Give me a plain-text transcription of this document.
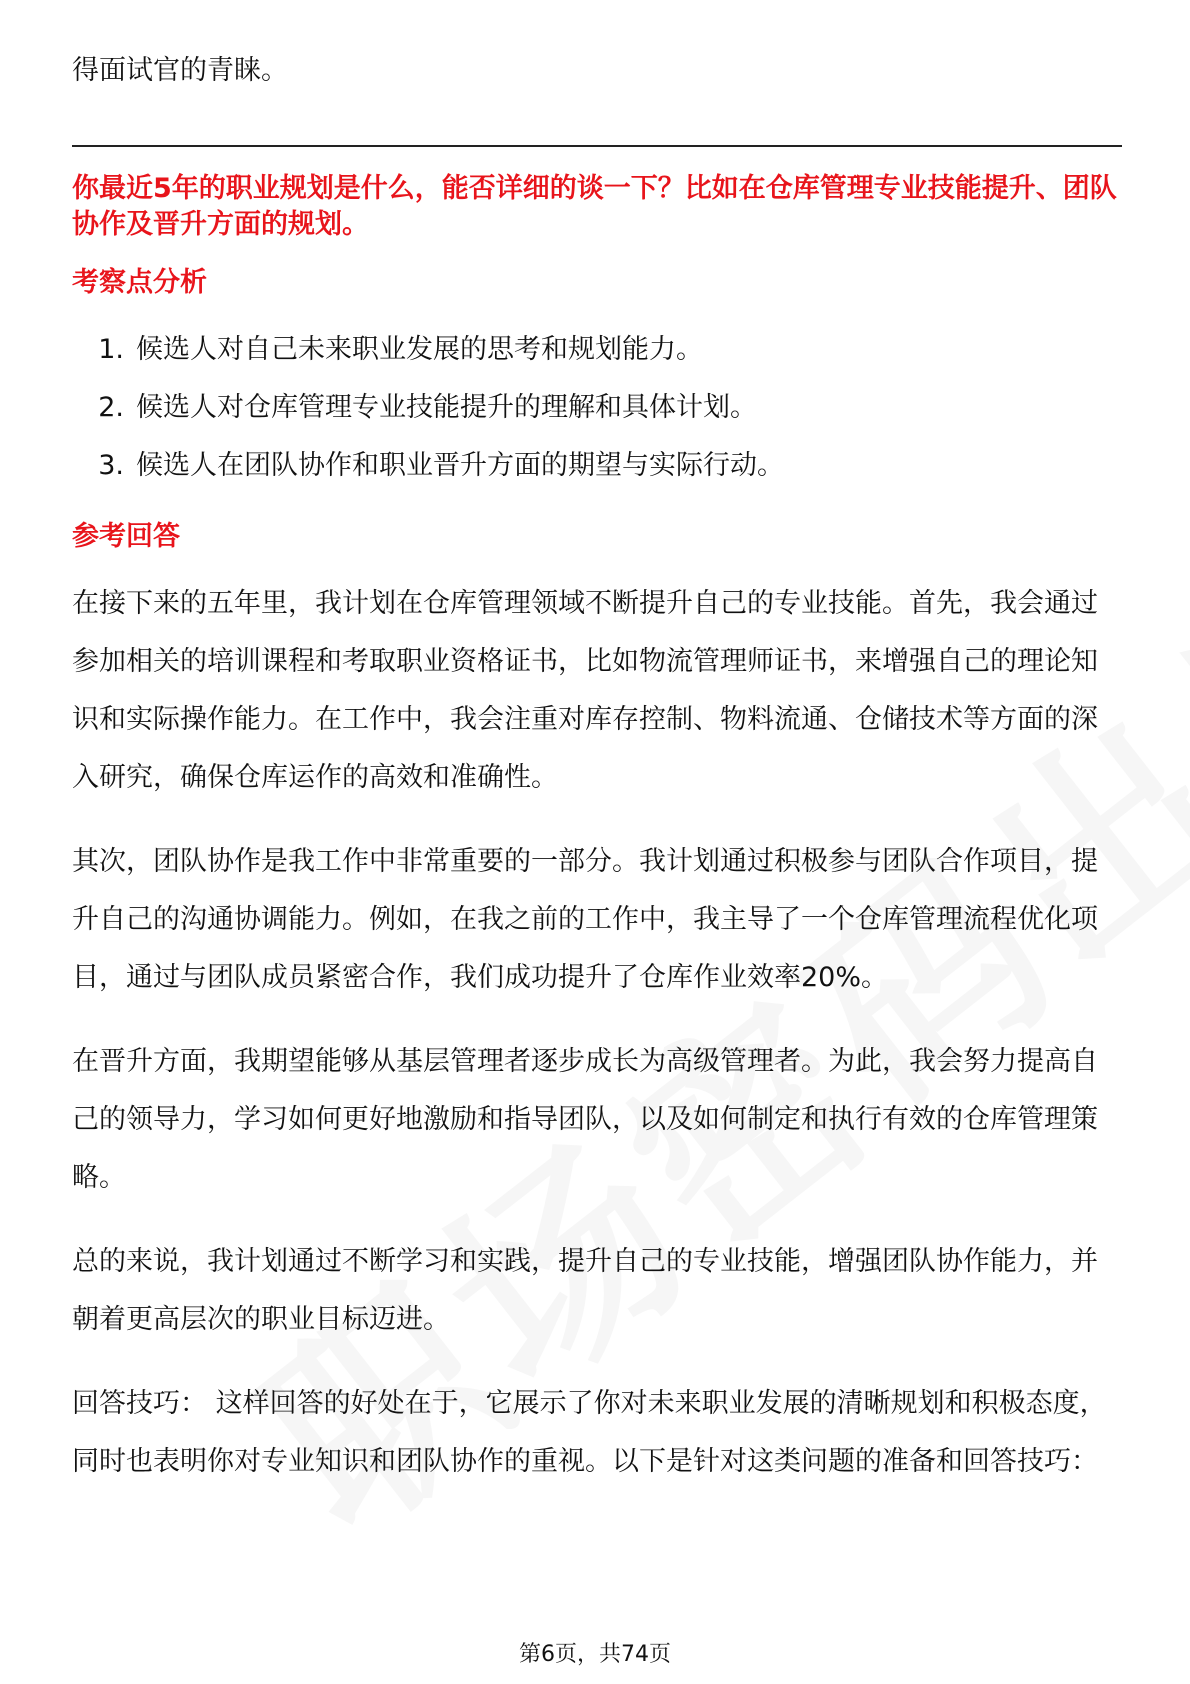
得面试官的青睐。

你最近5年的职业规划是什么，能否详细的谈一下？比如在仓库管理专业技能提升、团队协作及晋升方面的规划。

考察点分析

1. 候选人对自己未来职业发展的思考和规划能力。
2. 候选人对仓库管理专业技能提升的理解和具体计划。
3. 候选人在团队协作和职业晋升方面的期望与实际行动。

参考回答

在接下来的五年里，我计划在仓库管理领域不断提升自己的专业技能。首先，我会通过参加相关的培训课程和考取职业资格证书，比如物流管理师证书，来增强自己的理论知识和实际操作能力。在工作中，我会注重对库存控制、物料流通、仓储技术等方面的深入研究，确保仓库运作的高效和准确性。

其次，团队协作是我工作中非常重要的一部分。我计划通过积极参与团队合作项目，提升自己的沟通协调能力。例如，在我之前的工作中，我主导了一个仓库管理流程优化项目，通过与团队成员紧密合作，我们成功提升了仓库作业效率20%。

在晋升方面，我期望能够从基层管理者逐步成长为高级管理者。为此，我会努力提高自己的领导力，学习如何更好地激励和指导团队，以及如何制定和执行有效的仓库管理策略。

总的来说，我计划通过不断学习和实践，提升自己的专业技能，增强团队协作能力，并朝着更高层次的职业目标迈进。

回答技巧： 这样回答的好处在于，它展示了你对未来职业发展的清晰规划和积极态度，同时也表明你对专业知识和团队协作的重视。以下是针对这类问题的准备和回答技巧：

第6页，共74页
